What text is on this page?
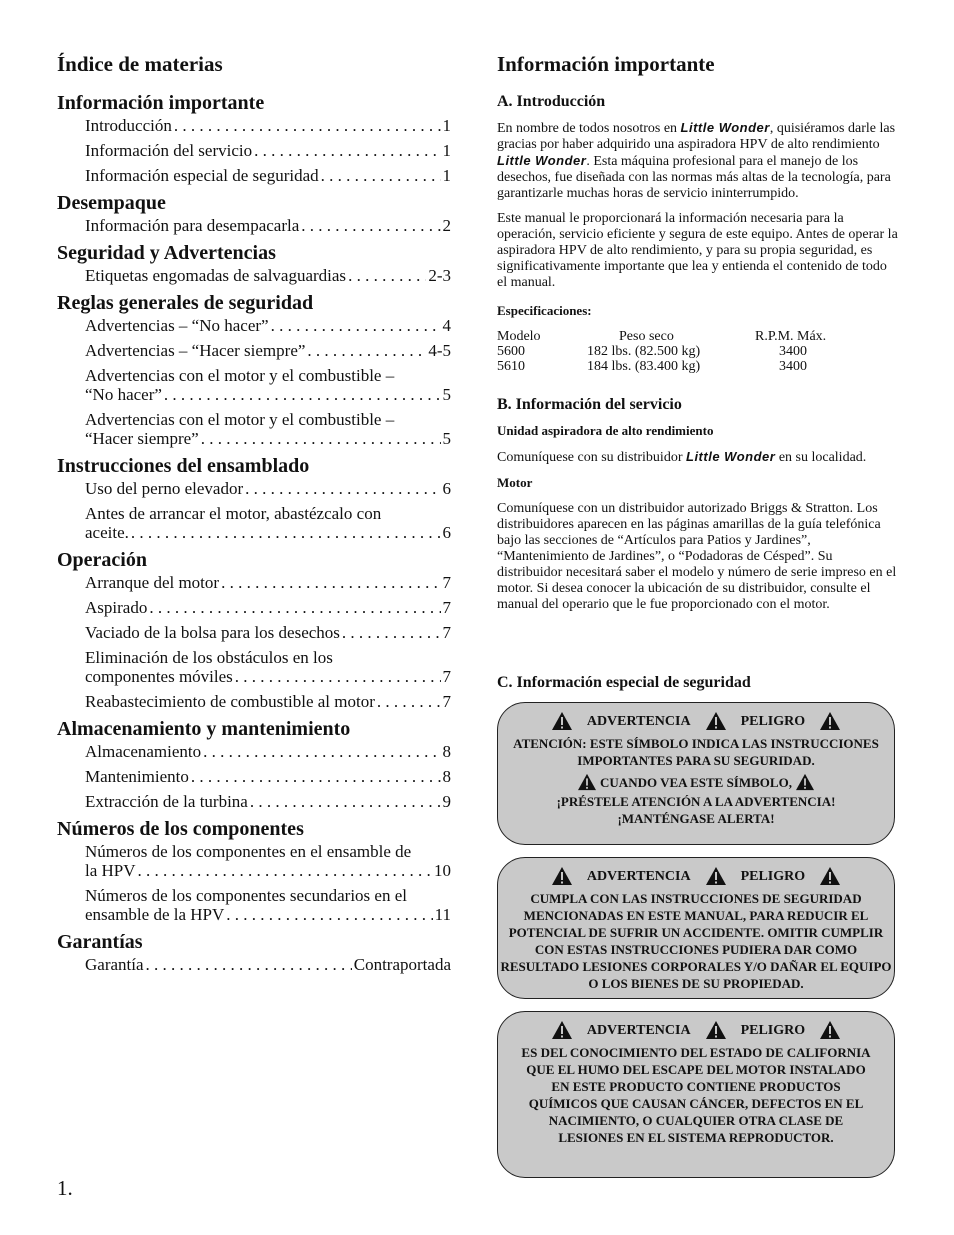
Índice de materias
Información importante
Introducción . . .	1
Información del servicio . . .	1
Información especial de seguridad . . .	1
Desempaque
Información para desempacarla . . .	2
Seguridad y Advertencias
Etiquetas engomadas de salvaguardias . . .	2-3
Reglas generales de seguridad
Advertencias – “No hacer” . . .	4
Advertencias – “Hacer siempre” . . .	4-5
Advertencias con el motor y el combustible –
“No hacer” . . .	5
Advertencias con el motor y el combustible –
“Hacer siempre” . . .	5
Instrucciones del ensamblado
Uso del perno elevador . . .	6
Antes de arrancar el motor, abastézcalo con
aceite. . . .	6
Operación
Arranque del motor . . .	7
Aspirado . . .	7
Vaciado de la bolsa para los desechos . . .	7
Eliminación de los obstáculos en los
componentes móviles . . .	7
Reabastecimiento de combustible al motor . . .	7
Almacenamiento y mantenimiento
Almacenamiento . . .	8
Mantenimiento . . .	8
Extracción de la turbina . . .	9
Números de los componentes
Números de los componentes en el ensamble de
la HPV . . .	10
Números de los componentes secundarios en el
ensamble de la HPV . . .	11
Garantías
Garantía . . .	Contraportada
1.
Información importante
A. Introducción

En nombre de todos nosotros en Little Wonder, quisiéramos darle las gracias por haber adquirido una aspiradora HPV de alto rendimiento Little Wonder. Esta máquina profesional para el manejo de los desechos, fue diseñada con las normas más altas de la tecnología, para garantizarle muchas horas de servicio ininterrumpido.

Este manual le proporcionará la información necesaria para la operación, servicio eficiente y segura de este equipo. Antes de operar la aspiradora HPV de alto rendimiento, y para su propia seguridad, es significativamente importante que lea y entienda el contenido de todo el manual.

Especificaciones:
Modelo	Peso seco	R.P.M. Máx.
5600	182 lbs. (82.500 kg)	3400
5610	184 lbs. (83.400 kg)	3400
B. Información del servicio
Unidad aspiradora de alto rendimiento

Comuníquese con su distribuidor Little Wonder en su localidad.

Motor

Comuníquese con un distribuidor autorizado Briggs & Stratton. Los distribuidores aparecen en las páginas amarillas de la guía telefónica bajo las secciones de “Artículos para Patios y Jardines”, “Mantenimiento de Jardines”, o “Podadoras de Césped”. Su distribuidor necesitará saber el modelo y número de serie impreso en el motor. Si desea conocer la ubicación de su distribuidor, consulte el manual del operario que le fue proporcionado con el motor.

C. Información especial de seguridad
ADVERTENCIA	PELIGRO
ATENCIÓN: ESTE SÍMBOLO INDICA LAS INSTRUCCIONES IMPORTANTES PARA SU SEGURIDAD.
CUANDO VEA ESTE SÍMBOLO,
¡PRÉSTELE ATENCIÓN A LA ADVERTENCIA! ¡MANTÉNGASE ALERTA!
ADVERTENCIA	PELIGRO
CUMPLA CON LAS INSTRUCCIONES DE SEGURIDAD MENCIONADAS EN ESTE MANUAL, PARA REDUCIR EL POTENCIAL DE SUFRIR UN ACCIDENTE. OMITIR CUMPLIR CON ESTAS INSTRUCCIONES PUDIERA DAR COMO RESULTADO LESIONES CORPORALES Y/O DAÑAR EL EQUIPO O LOS BIENES DE SU PROPIEDAD.
ADVERTENCIA	PELIGRO
ES DEL CONOCIMIENTO DEL ESTADO DE CALIFORNIA QUE EL HUMO DEL ESCAPE DEL MOTOR INSTALADO EN ESTE PRODUCTO CONTIENE PRODUCTOS QUÍMICOS QUE CAUSAN CÁNCER, DEFECTOS EN EL NACIMIENTO, O CUALQUIER OTRA CLASE DE LESIONES EN EL SISTEMA REPRODUCTOR.
